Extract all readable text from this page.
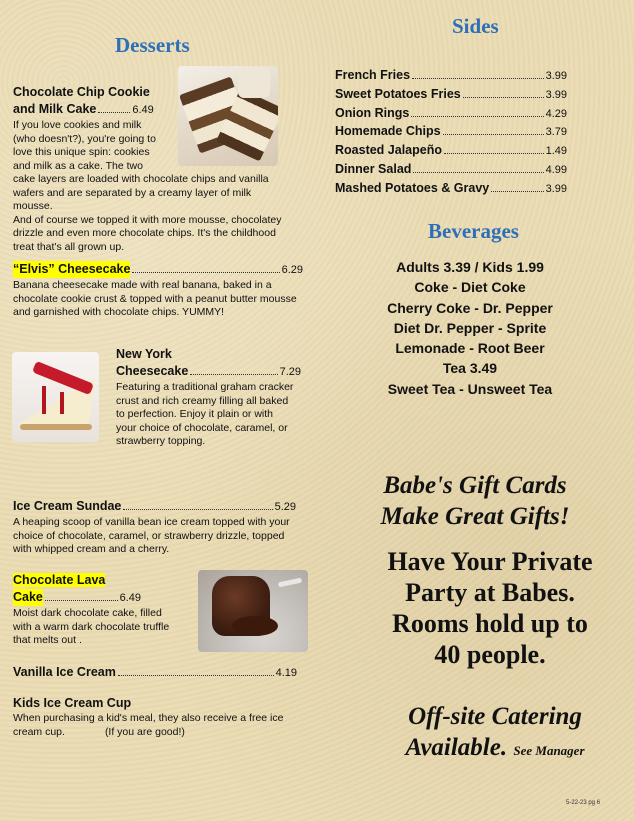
Desserts
Chocolate Chip Cookie
and Milk Cake	6.49
If you love cookies and milk
(who doesn't?), you're going to
love this unique spin: cookies
and milk as a cake. The two
cake layers are loaded with chocolate chips and vanilla
wafers and are separated by a creamy layer of milk mousse.
And of course we topped it with more mousse, chocolatey
drizzle and even more chocolate chips. It's the childhood
treat that's all grown up.
“Elvis” Cheesecake	6.29
Banana cheesecake made with real banana, baked in a
chocolate cookie crust & topped with a peanut butter mousse
and garnished with chocolate chips. YUMMY!
New York
Cheesecake	7.29
Featuring a traditional graham cracker
crust and rich creamy filling all baked
to perfection. Enjoy it plain or with
your choice of chocolate, caramel, or
strawberry topping.
Ice Cream Sundae	5.29
A heaping scoop of vanilla bean ice cream topped with your
choice of chocolate, caramel, or strawberry drizzle, topped
with whipped cream and a cherry.
Chocolate Lava
Cake	6.49
Moist dark chocolate cake, filled
with a warm dark chocolate truffle
that melts out .
Vanilla Ice Cream	4.19
Kids Ice Cream Cup
When purchasing a kid's meal, they also receive a free ice
cream cup.	(If you are good!)
Sides
French Fries	3.99
Sweet Potatoes Fries	3.99
Onion Rings	4.29
Homemade Chips	3.79
Roasted Jalapeño	1.49
Dinner Salad	4.99
Mashed Potatoes & Gravy	3.99
Beverages
Adults 3.39 / Kids 1.99
Coke - Diet Coke
Cherry Coke - Dr. Pepper
Diet Dr. Pepper - Sprite
Lemonade - Root Beer
Tea 3.49
Sweet Tea - Unsweet Tea
Babe's Gift Cards
Make Great Gifts!
Have Your Private
Party at Babes.
Rooms hold up to
40 people.
Off-site Catering
Available. See Manager
5-22-23 pg 6
